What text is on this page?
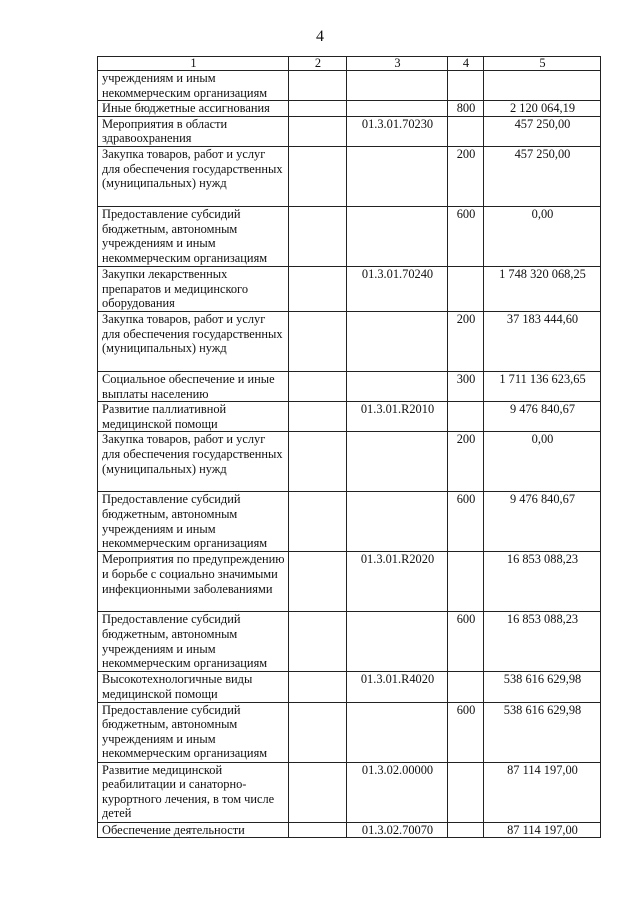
4
1	2	3	4	5
учреждениям и иным некоммерческим организациям				
Иные бюджетные ассигнования			800	2 120 064,19
Мероприятия в области здравоохранения		01.3.01.70230		457 250,00
Закупка товаров, работ и услуг для обеспечения государственных (муниципальных) нужд			200	457 250,00
Предоставление субсидий бюджетным, автономным учреждениям и иным некоммерческим организациям			600	0,00
Закупки лекарственных препаратов и медицинского оборудования		01.3.01.70240		1 748 320 068,25
Закупка товаров, работ и услуг для обеспечения государственных (муниципальных) нужд			200	37 183 444,60
Социальное обеспечение и иные выплаты населению			300	1 711 136 623,65
Развитие паллиативной медицинской помощи		01.3.01.R2010		9 476 840,67
Закупка товаров, работ и услуг для обеспечения государственных (муниципальных) нужд			200	0,00
Предоставление субсидий бюджетным, автономным учреждениям и иным некоммерческим организациям			600	9 476 840,67
Мероприятия по предупреждению и борьбе с социально значимыми инфекционными заболеваниями		01.3.01.R2020		16 853 088,23
Предоставление субсидий бюджетным, автономным учреждениям и иным некоммерческим организациям			600	16 853 088,23
Высокотехнологичные виды медицинской помощи		01.3.01.R4020		538 616 629,98
Предоставление субсидий бюджетным, автономным учреждениям и иным некоммерческим организациям			600	538 616 629,98
Развитие медицинской реабилитации и санаторно-курортного лечения, в том числе детей		01.3.02.00000		87 114 197,00
Обеспечение деятельности		01.3.02.70070		87 114 197,00
